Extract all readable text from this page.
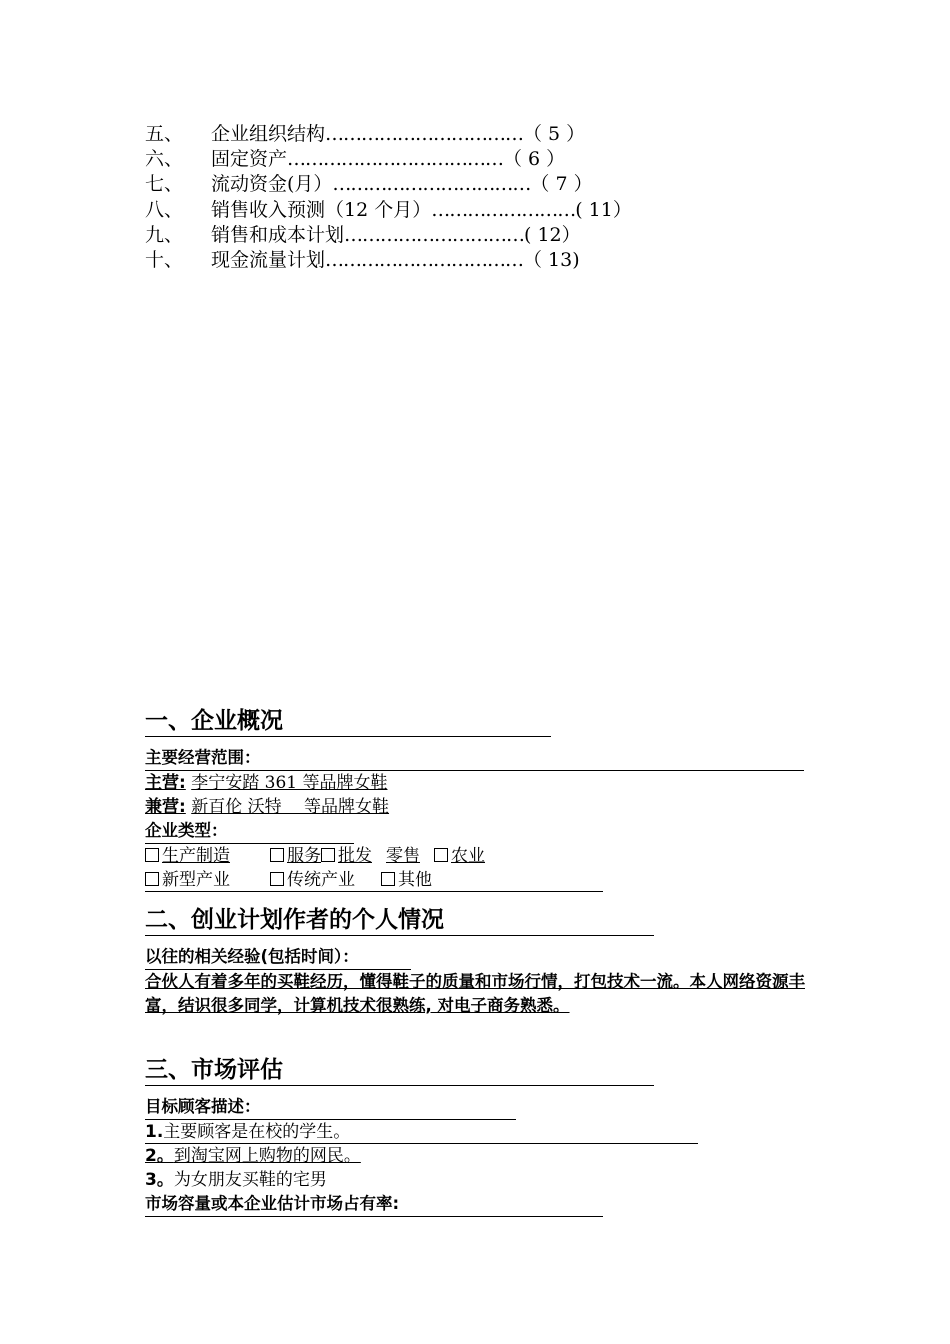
五、 企业组织结构……………………………（ 5 ）
六、 固定资产………………………………（ 6 ）
七、 流动资金(月）……………………………（ 7 ）
八、 销售收入预测（12 个月）……………………( 11）
九、 销售和成本计划…………………………( 12）
十、 现金流量计划……………………………（ 13)
一、企业概况
主要经营范围：
主营: 李宁安踏 361 等品牌女鞋
兼营: 新百伦 沃特　 等品牌女鞋
企业类型：
生产制造	服务 批发 零售 农业
新型产业	传统产业	其他
二、创业计划作者的个人情况
以往的相关经验(包括时间）：
合伙人有着多年的买鞋经历，懂得鞋子的质量和市场行情，打包技术一流。本人网络资源丰富，结识很多同学，计算机技术很熟练, 对电子商务熟悉。
三、市场评估
目标顾客描述：
1.主要顾客是在校的学生。
2。到淘宝网上购物的网民。
3。为女朋友买鞋的宅男
市场容量或本企业估计市场占有率:
